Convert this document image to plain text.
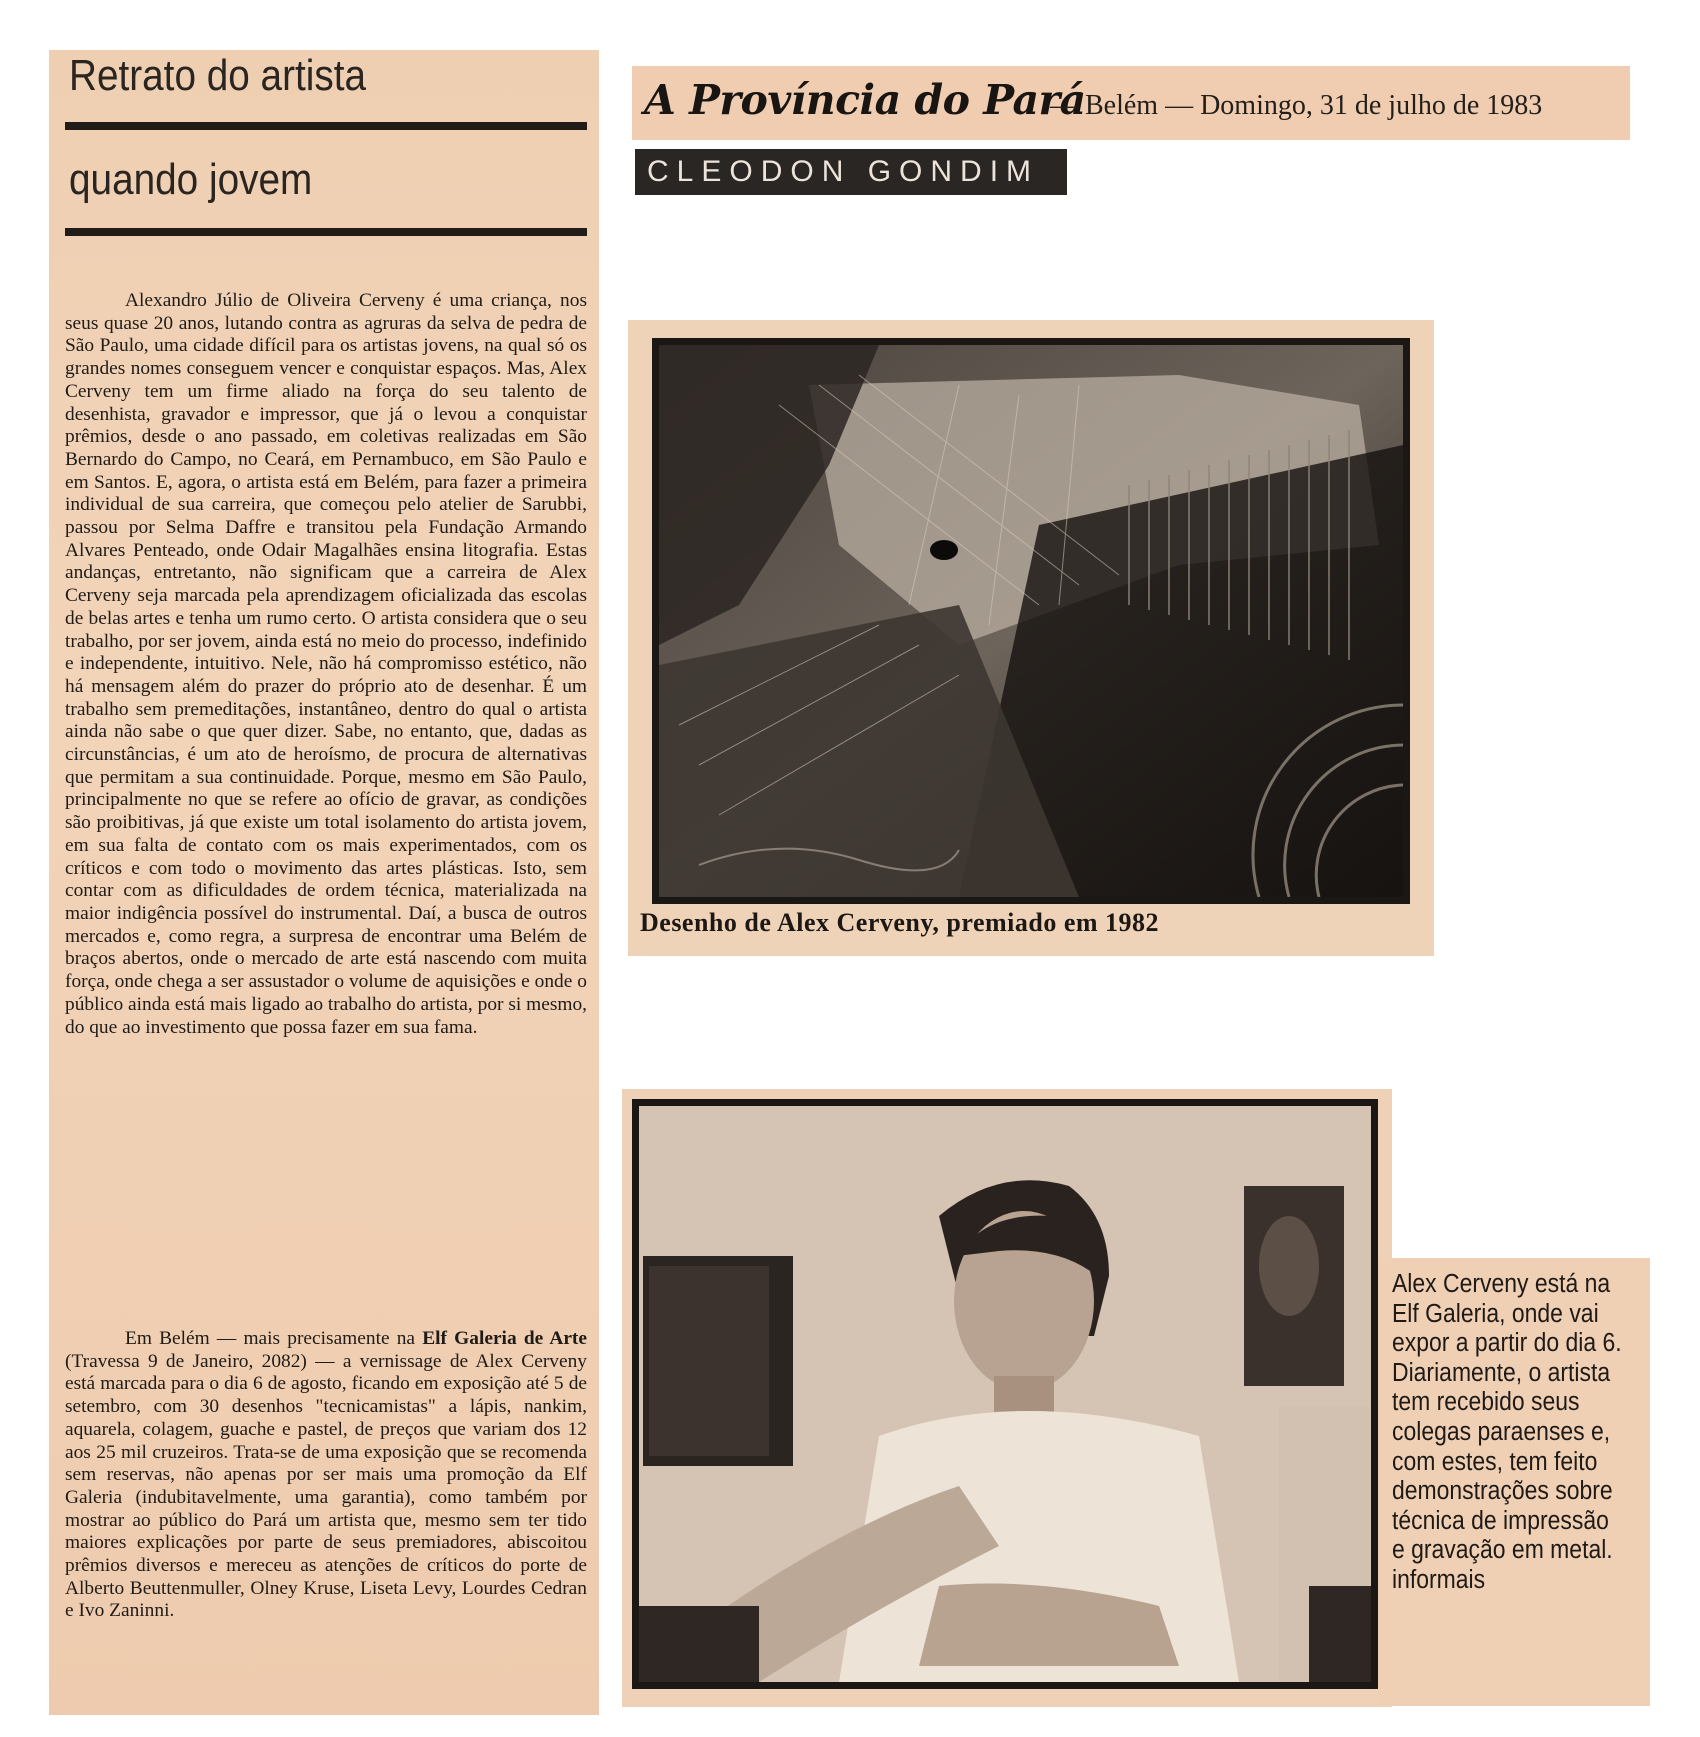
Retrato do artista
quando jovem

Alexandro Júlio de Oliveira Cerveny é uma criança, nos seus quase 20 anos, lutando contra as agruras da selva de pedra de São Paulo, uma cidade difícil para os artistas jovens, na qual só os grandes nomes conseguem vencer e conquistar espaços. Mas, Alex Cerveny tem um firme aliado na força do seu talento de desenhista, gravador e impressor, que já o levou a conquistar prêmios, desde o ano passado, em coletivas realizadas em São Bernardo do Campo, no Ceará, em Pernambuco, em São Paulo e em Santos. E, agora, o artista está em Belém, para fazer a primeira individual de sua carreira, que começou pelo atelier de Sarubbi, passou por Selma Daffre e transitou pela Fundação Armando Alvares Penteado, onde Odair Magalhães ensina litografia. Estas andanças, entretanto, não significam que a carreira de Alex Cerveny seja marcada pela aprendizagem oficializada das escolas de belas artes e tenha um rumo certo. O artista considera que o seu trabalho, por ser jovem, ainda está no meio do processo, indefinido e independente, intuitivo. Nele, não há compromisso estético, não há mensagem além do prazer do próprio ato de desenhar. É um trabalho sem premeditações, instantâneo, dentro do qual o artista ainda não sabe o que quer dizer. Sabe, no entanto, que, dadas as circunstâncias, é um ato de heroísmo, de procura de alternativas que permitam a sua continuidade. Porque, mesmo em São Paulo, principalmente no que se refere ao ofício de gravar, as condições são proibitivas, já que existe um total isolamento do artista jovem, em sua falta de contato com os mais experimentados, com os críticos e com todo o movimento das artes plásticas. Isto, sem contar com as dificuldades de ordem técnica, materializada na maior indigência possível do instrumental. Daí, a busca de outros mercados e, como regra, a surpresa de encontrar uma Belém de braços abertos, onde o mercado de arte está nascendo com muita força, onde chega a ser assustador o volume de aquisições e onde o público ainda está mais ligado ao trabalho do artista, por si mesmo, do que ao investimento que possa fazer em sua fama.

Em Belém — mais precisamente na Elf Galeria de Arte (Travessa 9 de Janeiro, 2082) — a vernissage de Alex Cerveny está marcada para o dia 6 de agosto, ficando em exposição até 5 de setembro, com 30 desenhos "tecnicamistas" a lápis, nankim, aquarela, colagem, guache e pastel, de preços que variam dos 12 aos 25 mil cruzeiros. Trata-se de uma exposição que se recomenda sem reservas, não apenas por ser mais uma promoção da Elf Galeria (indubitavelmente, uma garantia), como também por mostrar ao público do Pará um artista que, mesmo sem ter tido maiores explicações por parte de seus premiadores, abiscoitou prêmios diversos e mereceu as atenções de críticos do porte de Alberto Beuttenmuller, Olney Kruse, Liseta Levy, Lourdes Cedran e Ivo Zaninni.

A Província do Pará
— Belém — Domingo, 31 de julho de 1983
CLEODON GONDIM
Desenho de Alex Cerveny, premiado em 1982

Alex Cerveny está na Elf Galeria, onde vai expor a partir do dia 6. Diariamente, o artista tem recebido seus colegas paraenses e, com estes, tem feito demonstrações sobre técnica de impressão e gravação em metal. informais
